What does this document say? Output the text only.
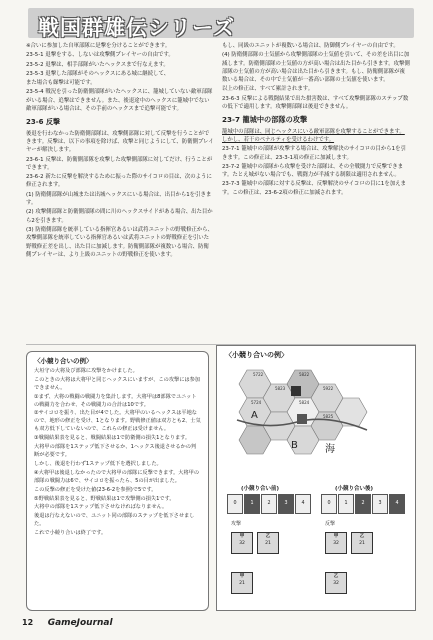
戦国群雄伝シリーズ

※合いに参加した自軍部隊に是撃を分けることができます。

23-5-1 退撃をする、しないは攻撃側プレイヤーの自由です。

23-5-2 退撃は、相手部隊がいたヘックスまで行なえます。

23-5-3 退撃した部隊がそのヘックスにある城に継続して、

また場合も繰撃は可能です。

23-5-4 戦況を引った防衛側部隊がいたヘックスに、籠城していない敵軍部隊がいる場合、追撃はできません。また、後退途中のヘックスに籠城中でない敵軍部隊がいる場合は、その手前のヘックスまで追撃可能です。

23-6 反撃

後退を行わなかった防衛側部隊は、攻撃側部隊に対して反撃を行うことができます。反撃は、以下の事項を除けば、攻撃と同じようにして、防衛側プレイヤーが解決します。

23-6-1 反撃は、防衛側部隊を攻撃した攻撃側部隊に対してだけ、行うことができます。

23-6-2 新たに反撃を解決するために振った際のサイコロの目は、次のように修正されます。

(1) 防衛側部隊が山城または出城ヘックスにいる場合は、出目から1を引きます。

(2) 攻撃側部隊と防衛側部隊の間に川のヘックスサイドがある場合、出た目から2を引きます。

(3) 防衛側部隊を統率している指揮官あるいは武将ユニットの野戦修正から、攻撃側部隊を統率している指揮官あるいは武将ユニットの野戦修正を引いた野戦修正差を出し、出た目に加減します。防衛側部隊が複数いる場合、防衛側プレイヤーは、より上級のユニットの野戦修正を使います。

もし、同級のユニットが複数いる場合は、防御側プレイヤーの自由です。

(4) 防衛側部隊の士気値から攻撃側部隊の士気値を引いて、その差を出目に加減します。防衛側部隊の士気値の方が高い場合は出た目から引きます。攻撃側部隊の士気値の方が高い場合は出た目から引きます。もし、防衛側部隊が複数いる場合は、その中で士気値が一番高い部隊の士気値を使います。

以上の修正は、すべて累計されます。

23-6-3 反撃による戦闘結果で出た損害数は、すべて攻撃側部隊のステップ数の低下で適用します。攻撃側部隊は後退できません。

23-7 籠城中の部隊の攻撃

籠城中の部隊は、同じヘックスにいる敵軍部隊を攻撃することができます。しかし、若干のペナルティを受けるわけです。

23-7-1 籠城中の部隊が攻撃する場合は、攻撃解決のサイコロの目から1を引きます。この修正は、23-3-1項の修正に加減します。

23-7-2 籠城中の部隊から攻撃を受けた部隊は、その全戦闘力で反撃できます。たとえ城がない場合でも、戦闘力が半減する制限は適用されません。

23-7-3 籠城中の部隊に対する反撃は、反撃解決のサイコロの目に1を加えます。この修正は、23-6-2項の修正に加減されます。

〈小競り合いの例〉

大垣守の大将及び部隊に攻撃をかけました。

このときの大将は大将甲と同じヘックスにいますが、この攻撃には参加できません。

①まず、大将の戦闘の戦闘力を集計します。大将甲は8部隊でユニットの戦闘力を合わせ、その戦闘力の合計は10です。

②サイコロを振り、出た目が4でした。大将甲のいるヘックスは平地なので、地形の修正を受け、1となります。野戦修正値は双方とも2、士気も双方低下していないので、これらの修正は受けません。

③戦闘結果表を見ると、戦闘結果は1で防衛側の損失1となります。

大将甲の部隊を1ステップ低下させるか、1ヘックス後退させるかの判断が必要です。

しかし、後退を行わず1ステップ低下を選択しました。

④大将甲は後退しなかったので大将甲の部隊に反撃できます。大将甲の部隊の戦闘力は6で、サイコロを振ったら、5の目が出ました。

この反撃の修正を受けた値(23-6-2を参照)で5です。

⑤野戦結果表を見ると、野戦結果は1で攻撃側の損失1です。

大将中の部隊を1ステップ低下させなければなりません。

後退は行なえないので、ユニット同の部隊のステップを低下させました。

これで小競り合いは終了です。

〈小競り合いの例〉
5722	5822
5922
5823
5724	5824
5825
A
B	海
(小競り合い前)	(小競り合い後)
0	1	2	3	4	0	1	2	3	4
攻撃	反撃
甲
32
乙
21
甲
32
乙
21
甲
21
乙
32
12 GameJournal
